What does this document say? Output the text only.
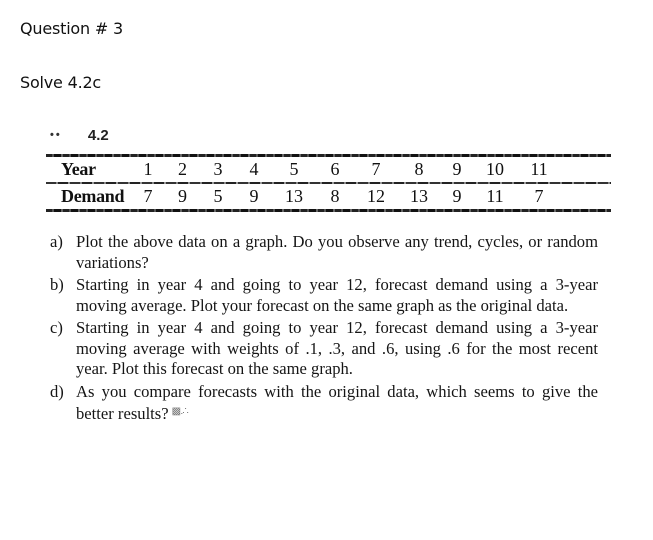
Question # 3
Solve 4.2c
•• 4.2
Year	1	2	3	4	5	6	7	8	9	10	11
Demand	7	9	5	9	13	8	12	13	9	11	7
a) Plot the above data on a graph. Do you observe any trend, cycles, or random variations?
b) Starting in year 4 and going to year 12, forecast demand using a 3-year moving average. Plot your forecast on the same graph as the original data.
c) Starting in year 4 and going to year 12, forecast demand using a 3-year moving average with weights of .1, .3, and .6, using .6 for the most recent year. Plot this forecast on the same graph.
d) As you compare forecasts with the original data, which seems to give the better results? ▩․∴
